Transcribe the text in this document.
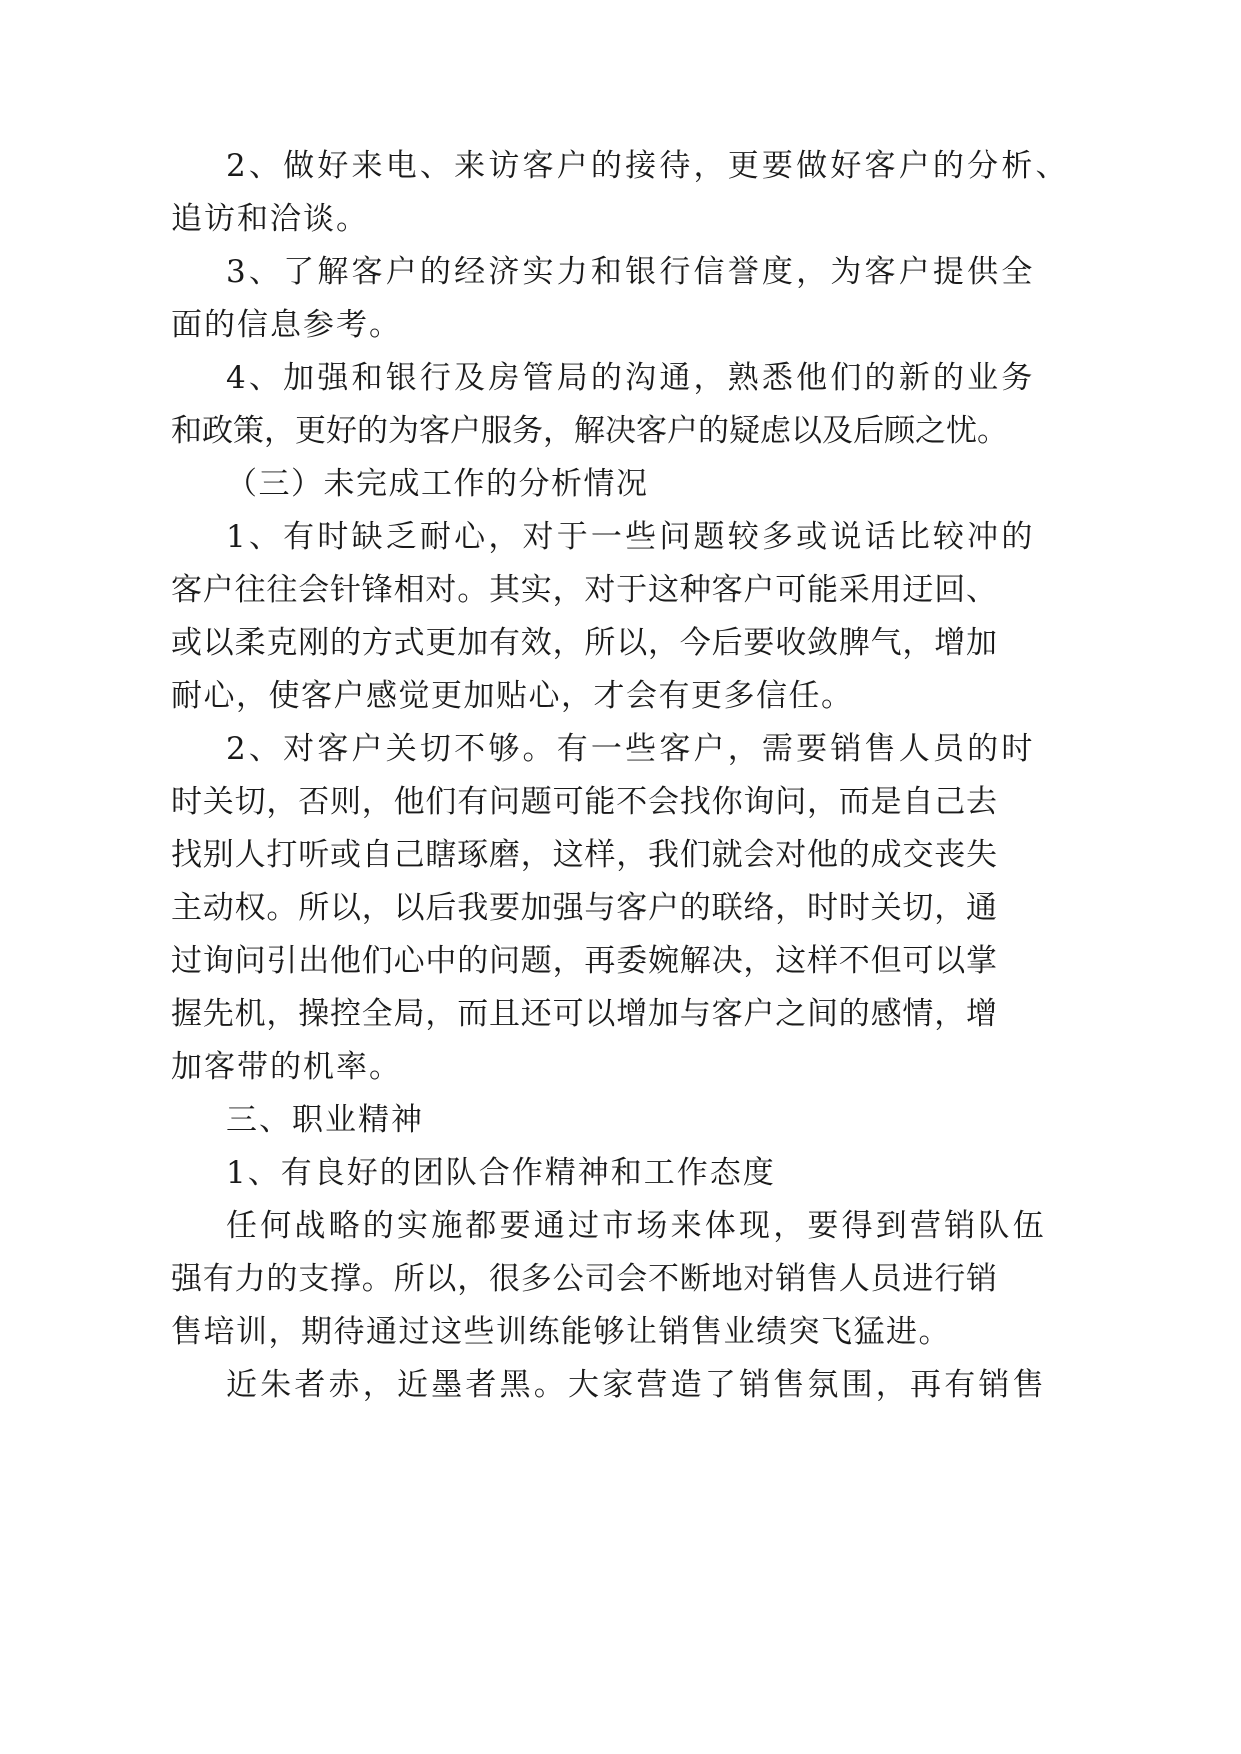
2、做好来电、来访客户的接待，更要做好客户的分析、
追访和洽谈。
3、了解客户的经济实力和银行信誉度，为客户提供全
面的信息参考。
4、加强和银行及房管局的沟通，熟悉他们的新的业务
和政策，更好的为客户服务，解决客户的疑虑以及后顾之忧。
（三）未完成工作的分析情况
1、有时缺乏耐心，对于一些问题较多或说话比较冲的
客户往往会针锋相对。其实，对于这种客户可能采用迂回、
或以柔克刚的方式更加有效，所以，今后要收敛脾气，增加
耐心，使客户感觉更加贴心，才会有更多信任。
2、对客户关切不够。有一些客户，需要销售人员的时
时关切，否则，他们有问题可能不会找你询问，而是自己去
找别人打听或自己瞎琢磨，这样，我们就会对他的成交丧失
主动权。所以，以后我要加强与客户的联络，时时关切，通
过询问引出他们心中的问题，再委婉解决，这样不但可以掌
握先机，操控全局，而且还可以增加与客户之间的感情，增
加客带的机率。
三、职业精神
1、有良好的团队合作精神和工作态度
任何战略的实施都要通过市场来体现，要得到营销队伍
强有力的支撑。所以，很多公司会不断地对销售人员进行销
售培训，期待通过这些训练能够让销售业绩突飞猛进。
近朱者赤，近墨者黑。大家营造了销售氛围，再有销售
